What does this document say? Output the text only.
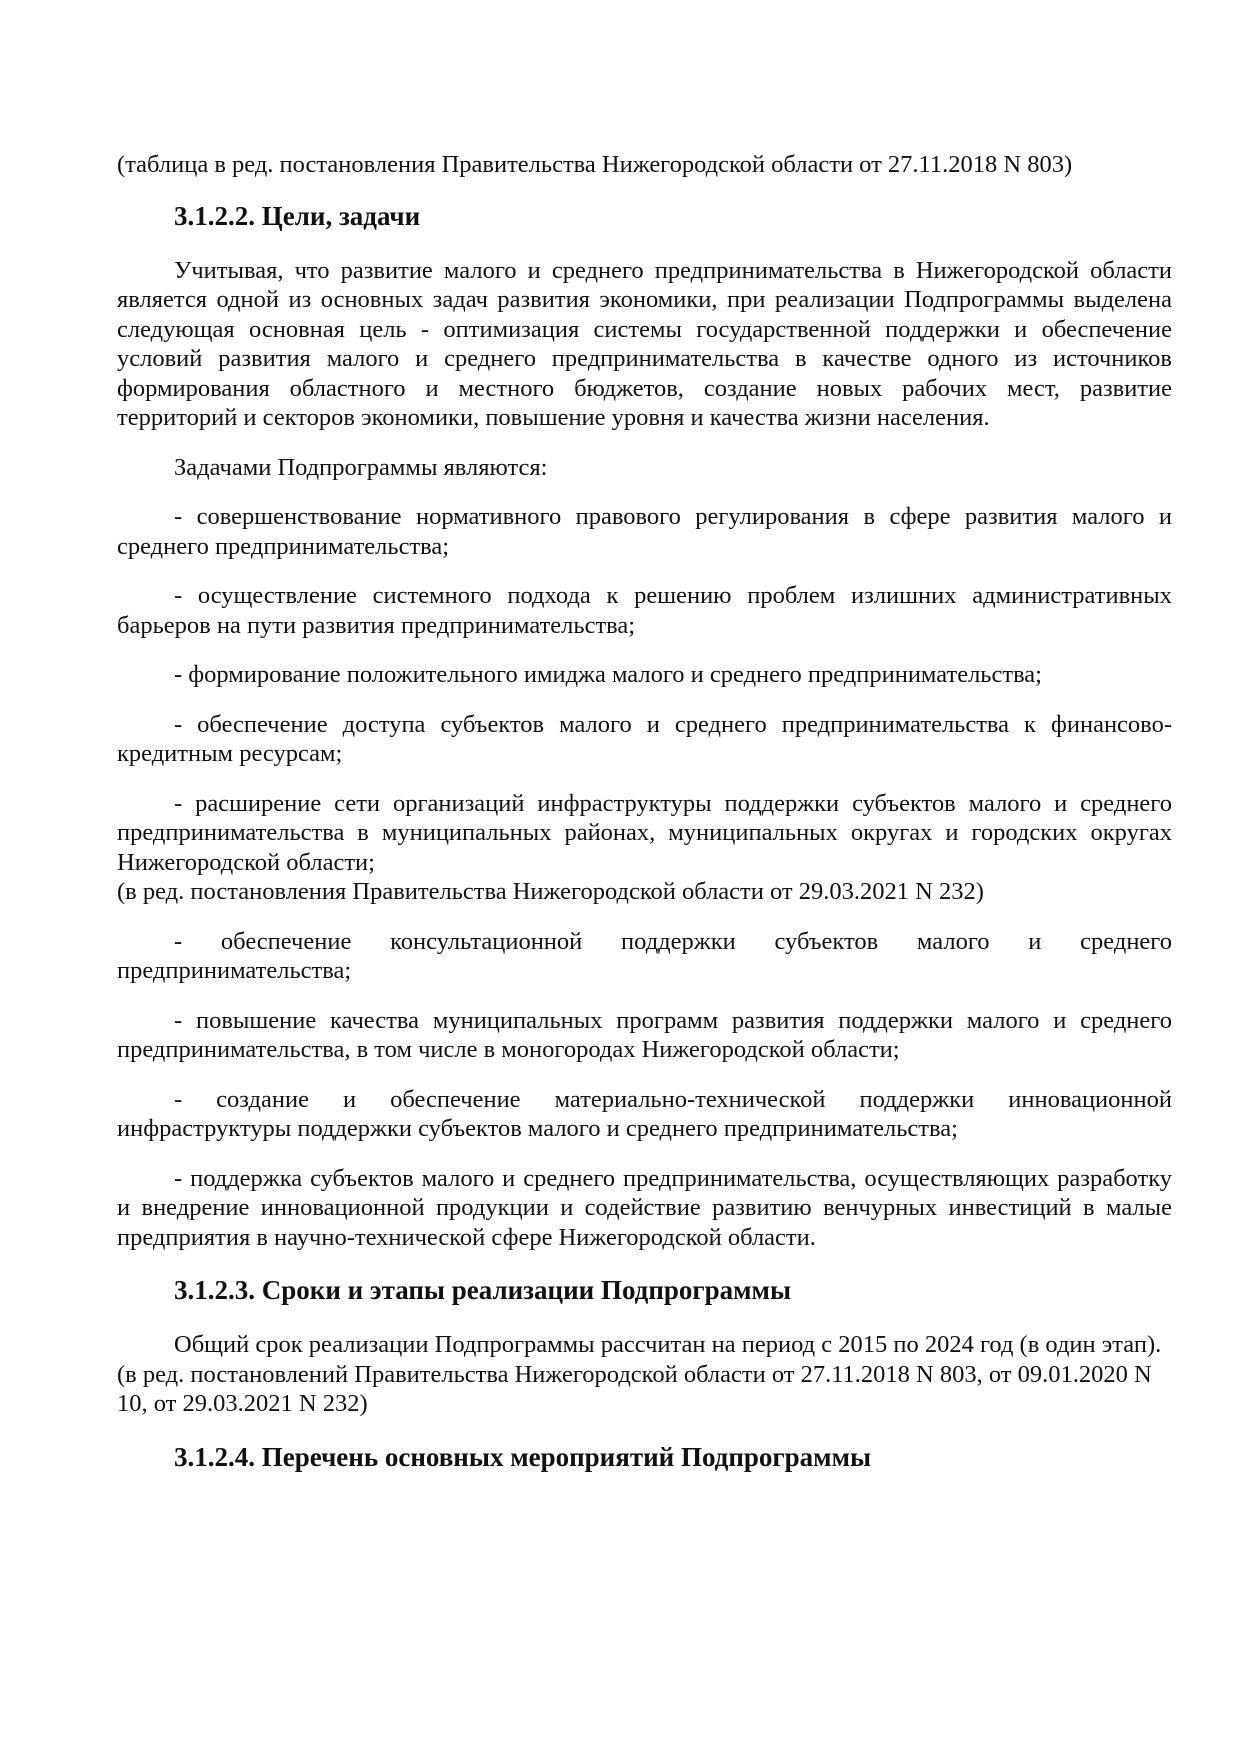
(таблица в ред. постановления Правительства Нижегородской области от 27.11.2018 N 803)

3.1.2.2. Цели, задачи

Учитывая, что развитие малого и среднего предпринимательства в Нижегородской области является одной из основных задач развития экономики, при реализации Подпрограммы выделена следующая основная цель - оптимизация системы государственной поддержки и обеспечение условий развития малого и среднего предпринимательства в качестве одного из источников формирования областного и местного бюджетов, создание новых рабочих мест, развитие территорий и секторов экономики, повышение уровня и качества жизни населения.

Задачами Подпрограммы являются:

- совершенствование нормативного правового регулирования в сфере развития малого и среднего предпринимательства;

- осуществление системного подхода к решению проблем излишних административных барьеров на пути развития предпринимательства;

- формирование положительного имиджа малого и среднего предпринимательства;

- обеспечение доступа субъектов малого и среднего предпринимательства к финансово-кредитным ресурсам;

- расширение сети организаций инфраструктуры поддержки субъектов малого и среднего предпринимательства в муниципальных районах, муниципальных округах и городских округах Нижегородской области;

(в ред. постановления Правительства Нижегородской области от 29.03.2021 N 232)

- обеспечение консультационной поддержки субъектов малого и среднего предпринимательства;

- повышение качества муниципальных программ развития поддержки малого и среднего предпринимательства, в том числе в моногородах Нижегородской области;

- создание и обеспечение материально-технической поддержки инновационной инфраструктуры поддержки субъектов малого и среднего предпринимательства;

- поддержка субъектов малого и среднего предпринимательства, осуществляющих разработку и внедрение инновационной продукции и содействие развитию венчурных инвестиций в малые предприятия в научно-технической сфере Нижегородской области.

3.1.2.3. Сроки и этапы реализации Подпрограммы

Общий срок реализации Подпрограммы рассчитан на период с 2015 по 2024 год (в один этап).

(в ред. постановлений Правительства Нижегородской области от 27.11.2018 N 803, от 09.01.2020 N 10, от 29.03.2021 N 232)

3.1.2.4. Перечень основных мероприятий Подпрограммы
